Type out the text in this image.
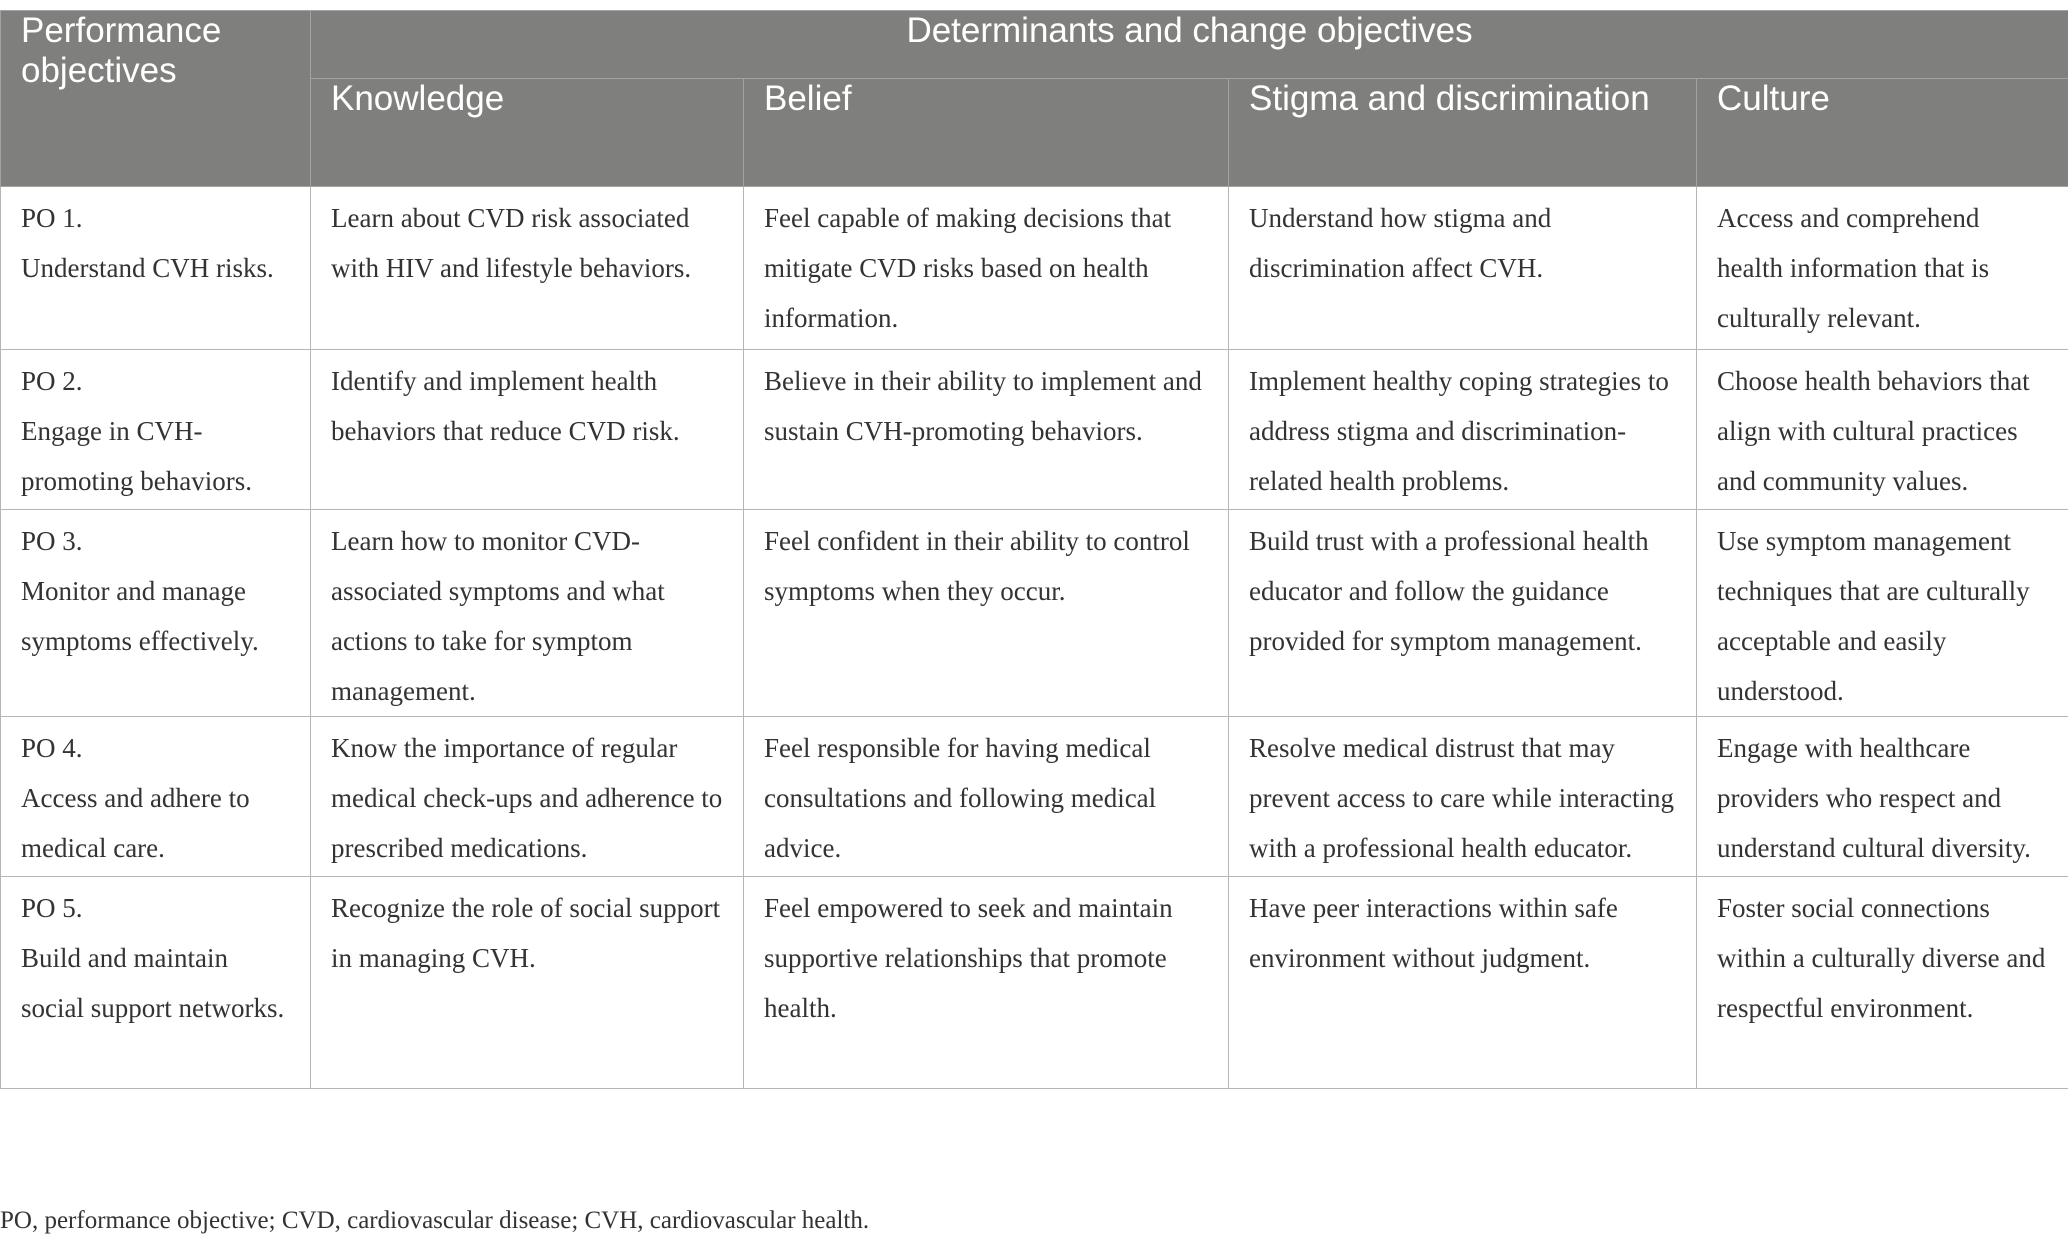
Performance objectives	Determinants and change objectives			
	Knowledge	Belief	Stigma and discrimination	Culture
PO 1.
Understand CVH risks.	Learn about CVD risk associated with HIV and lifestyle behaviors.	Feel capable of making decisions that mitigate CVD risks based on health information.	Understand how stigma and discrimination affect CVH.	Access and comprehend health information that is culturally relevant.
PO 2.
Engage in CVH-promoting behaviors.	Identify and implement health behaviors that reduce CVD risk.	Believe in their ability to implement and sustain CVH-promoting behaviors.	Implement healthy coping strategies to address stigma and discrimination-related health problems.	Choose health behaviors that align with cultural practices and community values.
PO 3.
Monitor and manage symptoms effectively.	Learn how to monitor CVD-associated symptoms and what actions to take for symptom management.	Feel confident in their ability to control symptoms when they occur.	Build trust with a professional health educator and follow the guidance provided for symptom management.	Use symptom management techniques that are culturally acceptable and easily understood.
PO 4.
Access and adhere to medical care.	Know the importance of regular medical check-ups and adherence to prescribed medications.	Feel responsible for having medical consultations and following medical advice.	Resolve medical distrust that may prevent access to care while interacting with a professional health educator.	Engage with healthcare providers who respect and understand cultural diversity.
PO 5.
Build and maintain social support networks.	Recognize the role of social support in managing CVH.	Feel empowered to seek and maintain supportive relationships that promote health.	Have peer interactions within safe environment without judgment.	Foster social connections within a culturally diverse and respectful environment.
PO, performance objective; CVD, cardiovascular disease; CVH, cardiovascular health.
